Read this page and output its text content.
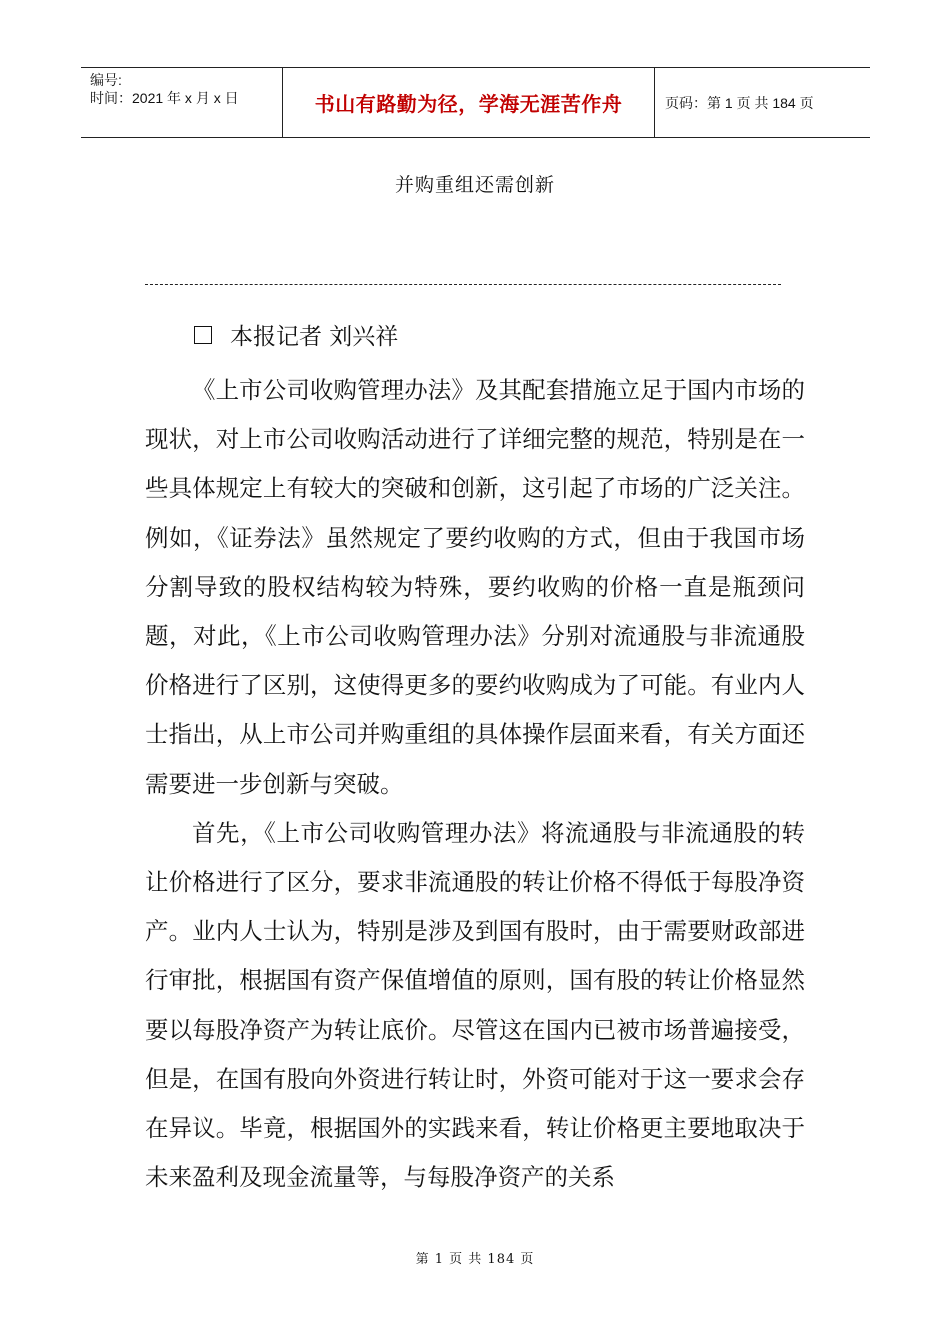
编号:
时间：2021 年 x 月 x 日	书山有路勤为径，学海无涯苦作舟	页码：第 1 页 共 184 页
并购重组还需创新
本报记者 刘兴祥

《上市公司收购管理办法》及其配套措施立足于国内市场的现状，对上市公司收购活动进行了详细完整的规范，特别是在一些具体规定上有较大的突破和创新，这引起了市场的广泛关注。例如，《证券法》虽然规定了要约收购的方式，但由于我国市场分割导致的股权结构较为特殊，要约收购的价格一直是瓶颈问题，对此，《上市公司收购管理办法》分别对流通股与非流通股价格进行了区别，这使得更多的要约收购成为了可能。有业内人士指出，从上市公司并购重组的具体操作层面来看，有关方面还需要进一步创新与突破。

首先，《上市公司收购管理办法》将流通股与非流通股的转让价格进行了区分，要求非流通股的转让价格不得低于每股净资产。业内人士认为，特别是涉及到国有股时，由于需要财政部进行审批，根据国有资产保值增值的原则，国有股的转让价格显然要以每股净资产为转让底价。尽管这在国内已被市场普遍接受，但是，在国有股向外资进行转让时，外资可能对于这一要求会存在异议。毕竟，根据国外的实践来看，转让价格更主要地取决于未来盈利及现金流量等，与每股净资产的关系

第 1 页 共 184 页
